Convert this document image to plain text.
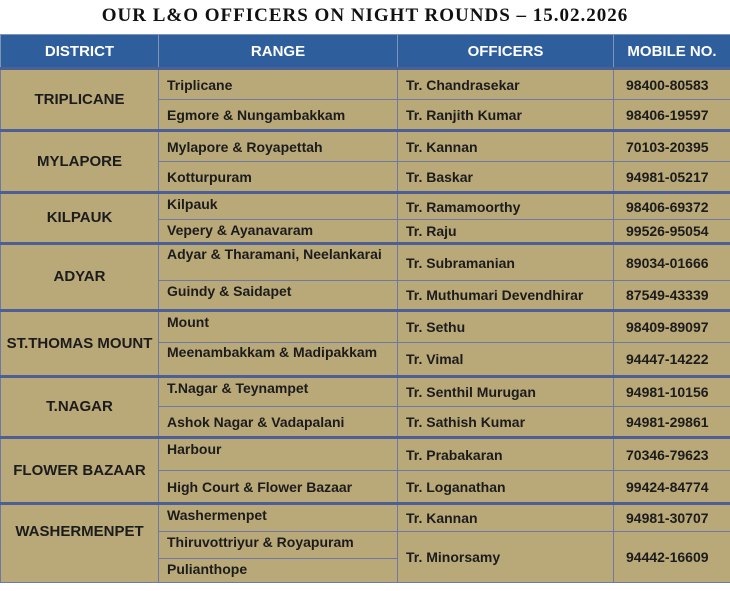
OUR L&O OFFICERS ON NIGHT ROUNDS – 15.02.2026
DISTRICT	RANGE	OFFICERS	MOBILE NO.
TRIPLICANE	Triplicane	Tr. Chandrasekar	98400-80583
	Egmore & Nungambakkam	Tr. Ranjith Kumar	98406-19597
MYLAPORE	Mylapore & Royapettah	Tr. Kannan	70103-20395
	Kotturpuram	Tr. Baskar	94981-05217
KILPAUK	Kilpauk	Tr. Ramamoorthy	98406-69372
	Vepery & Ayanavaram	Tr. Raju	99526-95054
ADYAR	Adyar & Tharamani, Neelankarai	Tr. Subramanian	89034-01666
	Guindy & Saidapet	Tr. Muthumari Devendhirar	87549-43339
ST.THOMAS MOUNT	Mount	Tr. Sethu	98409-89097
	Meenambakkam & Madipakkam	Tr. Vimal	94447-14222
T.NAGAR	T.Nagar & Teynampet	Tr. Senthil Murugan	94981-10156
	Ashok Nagar & Vadapalani	Tr. Sathish Kumar	94981-29861
FLOWER BAZAAR	Harbour	Tr. Prabakaran	70346-79623
	High Court & Flower Bazaar	Tr. Loganathan	99424-84774
WASHERMENPET	Washermenpet	Tr. Kannan	94981-30707
	Thiruvottriyur & Royapuram	Tr. Minorsamy	94442-16609
	Pulianthope		
